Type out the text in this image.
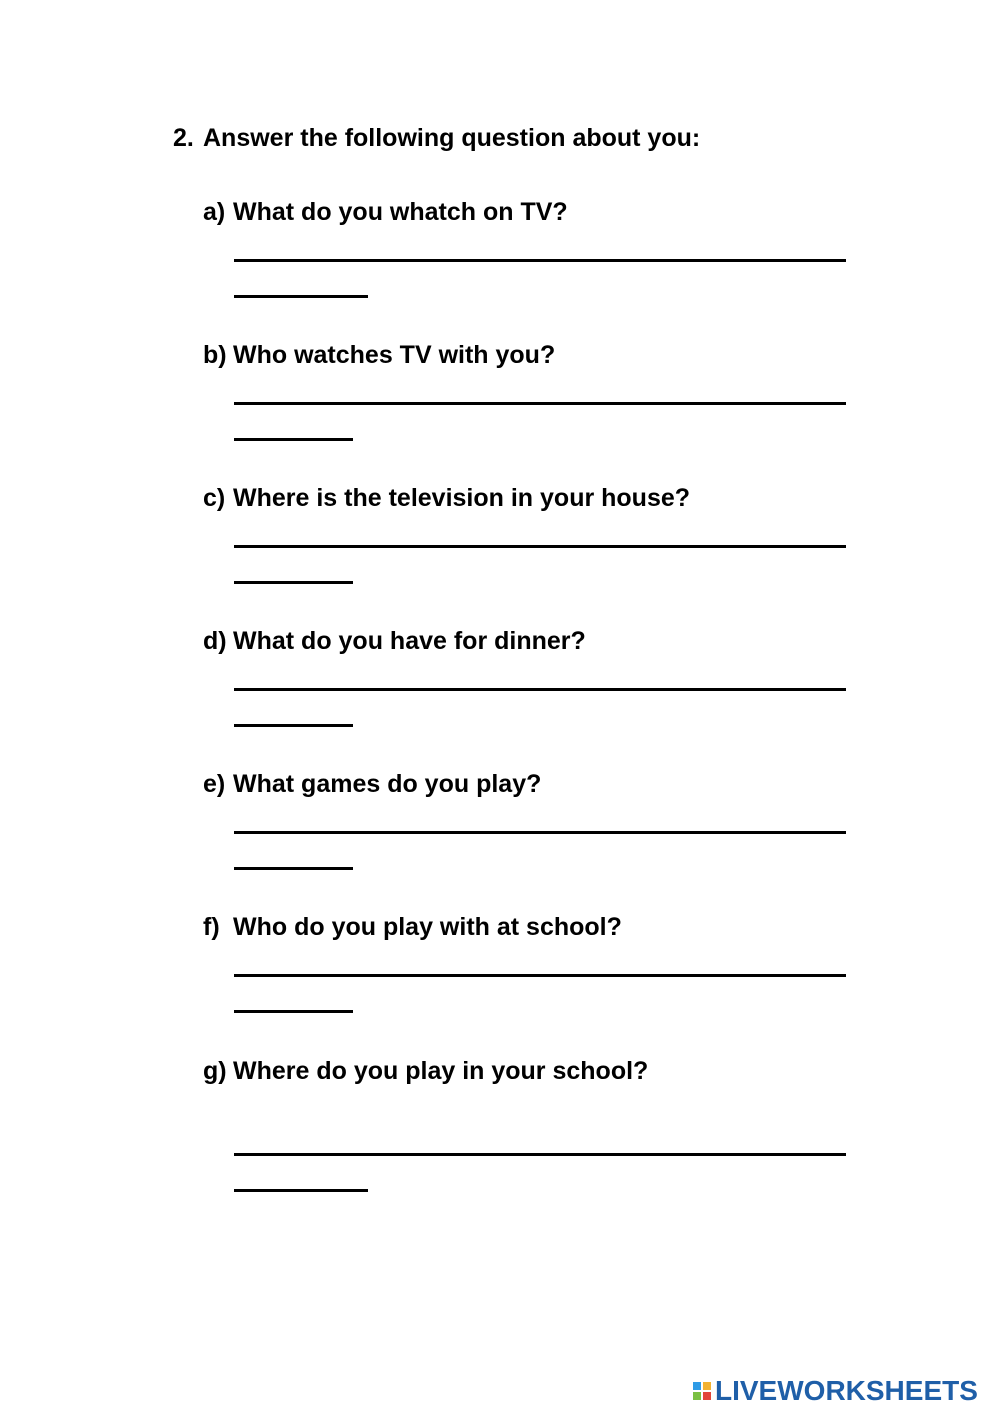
2. Answer the following question about you:
a) What do you whatch on TV?
b) Who watches TV with you?
c) Where is the television in your house?
d) What do you have for dinner?
e) What games do you play?
f) Who do you play with at school?
g) Where do you play in your school?
LIVEWORKSHEETS
